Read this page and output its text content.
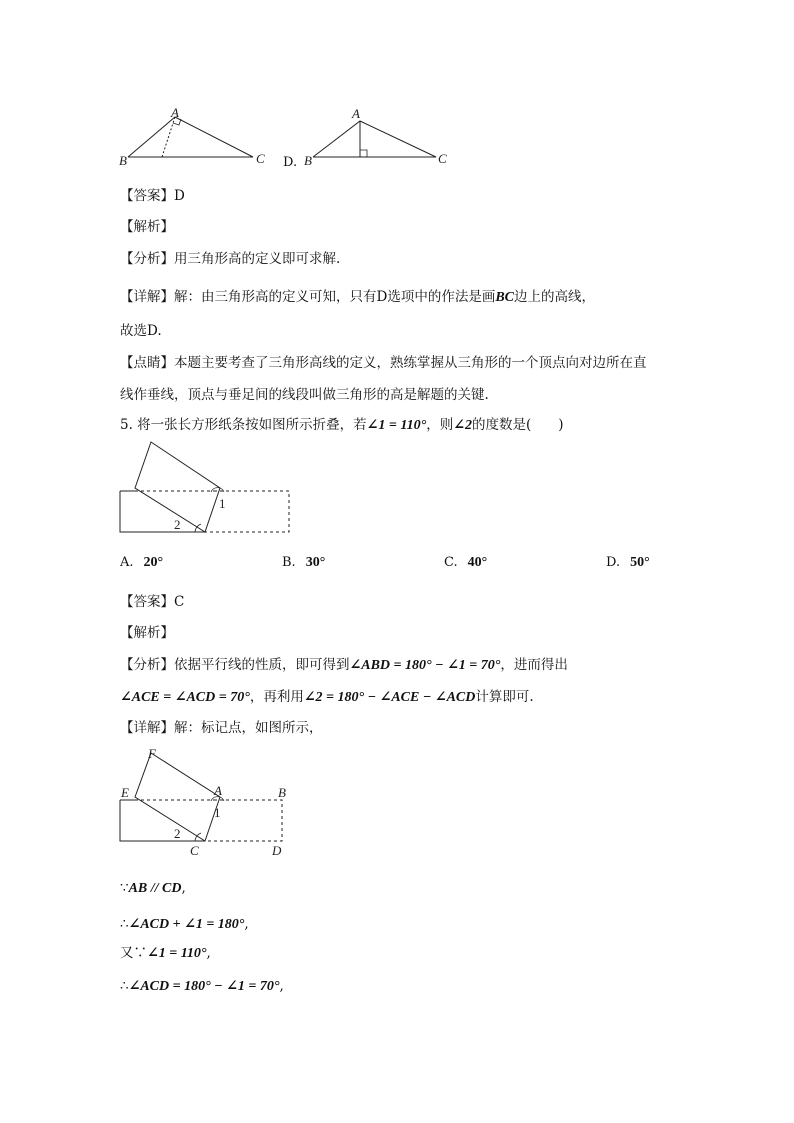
A
B	C D.
A
B	C
【答案】D
【解析】
【分析】用三角形高的定义即可求解.
【详解】解：由三角形高的定义可知，只有D选项中的作法是画BC边上的高线，
故选D.
【点睛】本题主要考查了三角形高线的定义，熟练掌握从三角形的一个顶点向对边所在直
线作垂线，顶点与垂足间的线段叫做三角形的高是解题的关键.
5. 将一张长方形纸条按如图所示折叠，若∠1 = 110°，则∠2的度数是(　　)
1
2
A. 20°	B. 30°	C. 40°	D. 50°
【答案】C
【解析】
【分析】依据平行线的性质，即可得到∠ABD = 180° − ∠1 = 70°，进而得出
∠ACE = ∠ACD = 70°，再利用∠2 = 180° − ∠ACE − ∠ACD计算即可.
【详解】解：标记点，如图所示，
F
E	A	B
C	D
1
2
∵AB // CD,
∴∠ACD + ∠1 = 180°,
又∵∠1 = 110°,
∴∠ACD = 180° − ∠1 = 70°,
